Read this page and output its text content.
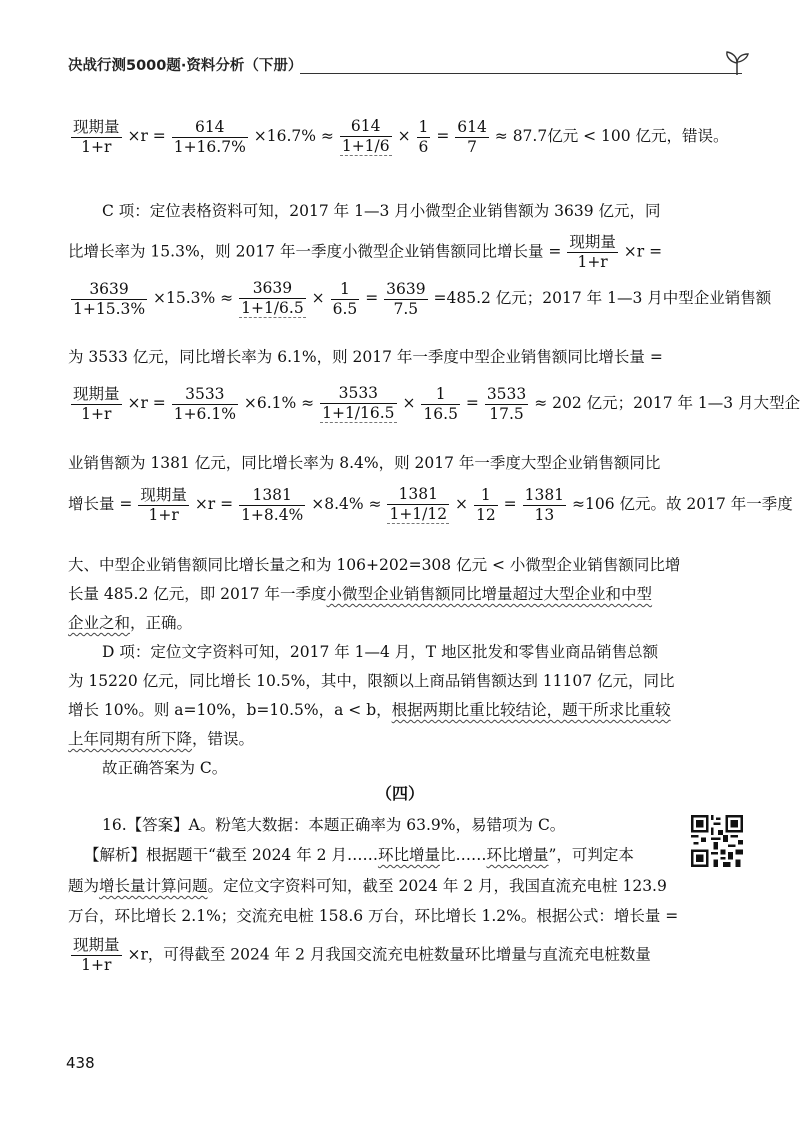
决战行测5000题·资料分析（下册）
$\frac{\text{现期量}}{1+r} \times r = \frac{614}{1+16.7\%} \times 16.7\% \approx \frac{614}{1+1/6} \times \frac{1}{6} = \frac{614}{7} \approx 87.7$亿元 < 100 亿元，错误。
C 项：定位表格资料可知，2017 年 1—3 月小微型企业销售额为 3639 亿元，同
比增长率为 15.3%，则 2017 年一季度小微型企业销售额同比增长量 = $\frac{\text{现期量}}{1+r} \times r$ =
$\frac{3639}{1+15.3\%} \times 15.3\% \approx \frac{3639}{1+1/6.5} \times \frac{1}{6.5} = \frac{3639}{7.5} =485.2$ 亿元；2017 年 1—3 月中型企业销售额
为 3533 亿元，同比增长率为 6.1%，则 2017 年一季度中型企业销售额同比增长量 =
$\frac{\text{现期量}}{1+r} \times r = \frac{3533}{1+6.1\%} \times 6.1\% \approx \frac{3533}{1+1/16.5} \times \frac{1}{16.5} = \frac{3533}{17.5} \approx 202$ 亿元；2017 年 1—3 月大型企
业销售额为 1381 亿元，同比增长率为 8.4%，则 2017 年一季度大型企业销售额同比
增长量 = $\frac{\text{现期量}}{1+r} \times r = \frac{1381}{1+8.4\%} \times 8.4\% \approx \frac{1381}{1+1/12} \times \frac{1}{12} = \frac{1381}{13} \approx 106$ 亿元。故 2017 年一季度
大、中型企业销售额同比增长量之和为 106+202=308 亿元 < 小微型企业销售额同比增
长量 485.2 亿元，即 2017 年一季度小微型企业销售额同比增量超过大型企业和中型
企业之和，正确。
D 项：定位文字资料可知，2017 年 1—4 月，T 地区批发和零售业商品销售总额
为 15220 亿元，同比增长 10.5%，其中，限额以上商品销售额达到 11107 亿元，同比
增长 10%。则 a=10%，b=10.5%，a < b，根据两期比重比较结论，题干所求比重较
上年同期有所下降，错误。
故正确答案为 C。
（四）
16.【答案】A。粉笔大数据：本题正确率为 63.9%，易错项为 C。
【解析】根据题干“截至 2024 年 2 月……环比增量比……环比增量”，可判定本
题为增长量计算问题。定位文字资料可知，截至 2024 年 2 月，我国直流充电桩 123.9
万台，环比增长 2.1%；交流充电桩 158.6 万台，环比增长 1.2%。根据公式：增长量 =
$\frac{\text{现期量}}{1+r} \times r$，可得截至 2024 年 2 月我国交流充电桩数量环比增量与直流充电桩数量
438
